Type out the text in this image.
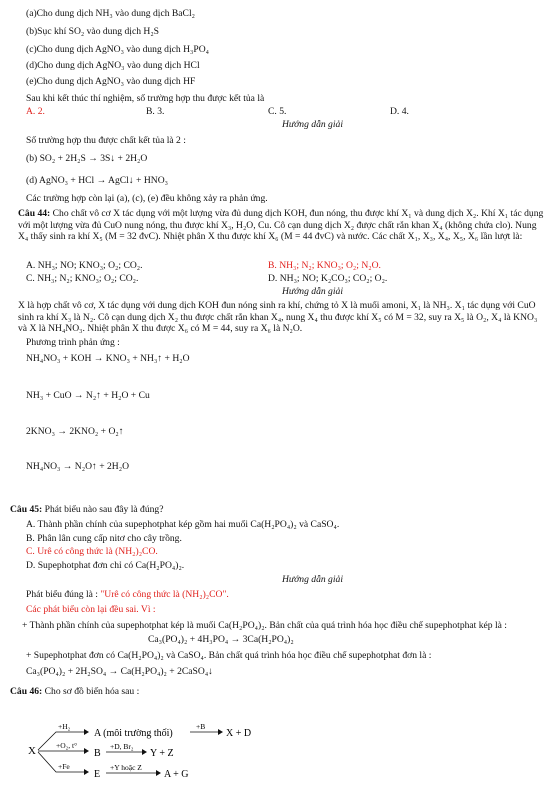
(a)Cho dung dịch NH₃ vào dung dịch BaCl₂
(b)Sục khí SO₂ vào dung dịch H₂S
(c)Cho dung dịch AgNO₃ vào dung dịch H₃PO₄
(d)Cho dung dịch AgNO₃ vào dung dịch HCl
(e)Cho dung dịch AgNO₃ vào dung dịch HF
Sau khi kết thúc thí nghiệm, số trường hợp thu được kết tủa là
A. 2.	B. 3.	C. 5.	D. 4.
Hướng dẫn giải
Số trường hợp thu được chất kết tủa là 2 :
(b) SO₂ + 2H₂S → 3S↓ + 2H₂O
(d) AgNO₃ + HCl → AgCl↓ + HNO₃
Các trường hợp còn lại (a), (c), (e) đều không xảy ra phản ứng.
Câu 44: Cho chất vô cơ X tác dụng với một lượng vừa đủ dung dịch KOH, đun nóng, thu được khí X₁ và dung dịch X₂. Khí X₁ tác dụng với một lượng vừa đủ CuO nung nóng, thu được khí X₃, H₂O, Cu. Cô cạn dung dịch X₂ được chất rắn khan X₄ (không chứa clo). Nung X₄ thấy sinh ra khí X₅ (M = 32 đvC). Nhiệt phân X thu được khí X₆ (M = 44 đvC) và nước. Các chất X₁, X₃, X₄, X₅, X₆ lần lượt là:
A. NH₃; NO; KNO₃; O₂; CO₂.	B. NH₃; N₂; KNO₃; O₂; N₂O.
C. NH₃; N₂; KNO₃; O₂; CO₂.	D. NH₃; NO; K₂CO₃; CO₂; O₂.
Hướng dẫn giải
X là hợp chất vô cơ, X tác dụng với dung dịch KOH đun nóng sinh ra khí, chứng tỏ X là muối amoni, X₁ là NH₃. X₁ tác dụng với CuO sinh ra khí X₃ là N₂. Cô cạn dung dịch X₂ thu được chất rắn khan X₄, nung X₄ thu được khí X₅ có M = 32, suy ra X₅ là O₂, X₄ là KNO₃ và X là NH₄NO₃. Nhiệt phân X thu được X₆ có M = 44, suy ra X₆ là N₂O.
Phương trình phản ứng :
NH₄NO₃ + KOH → KNO₃ + NH₃↑ + H₂O
NH₃ + CuO → N₂↑ + H₂O + Cu
2KNO₃ → 2KNO₂ + O₂↑
NH₄NO₃ → N₂O↑ + 2H₂O
Câu 45: Phát biểu nào sau đây là đúng?
A. Thành phần chính của supephotphat kép gồm hai muối Ca(H₂PO₄)₂ và CaSO₄.
B. Phân lân cung cấp nitơ cho cây trồng.
C. Urê có công thức là (NH₂)₂CO.
D. Supephotphat đơn chỉ có Ca(H₂PO₄)₂.
Hướng dẫn giải
Phát biểu đúng là : "Urê có công thức là (NH₂)₂CO".
Các phát biểu còn lại đều sai. Vì :
+ Thành phần chính của supephotphat kép là muối Ca(H₂PO₄)₂. Bản chất của quá trình hóa học điều chế supephotphat kép là :
Ca₃(PO₄)₂ + 4H₃PO₄ → 3Ca(H₂PO₄)₂
+ Supephotphat đơn có Ca(H₂PO₄)₂ và CaSO₄. Bản chất quá trình hóa học điều chế supephotphat đơn là :
Ca₃(PO₄)₂ + 2H₂SO₄ → Ca(H₂PO₄)₂ + 2CaSO₄↓
Câu 46: Cho sơ đồ biến hóa sau :
X
+H₂
+O₂, t°
+Fe
A (môi trường thối)
B
E
+B
+D, Br₂
+Y hoặc Z
X + D
Y + Z
A + G
